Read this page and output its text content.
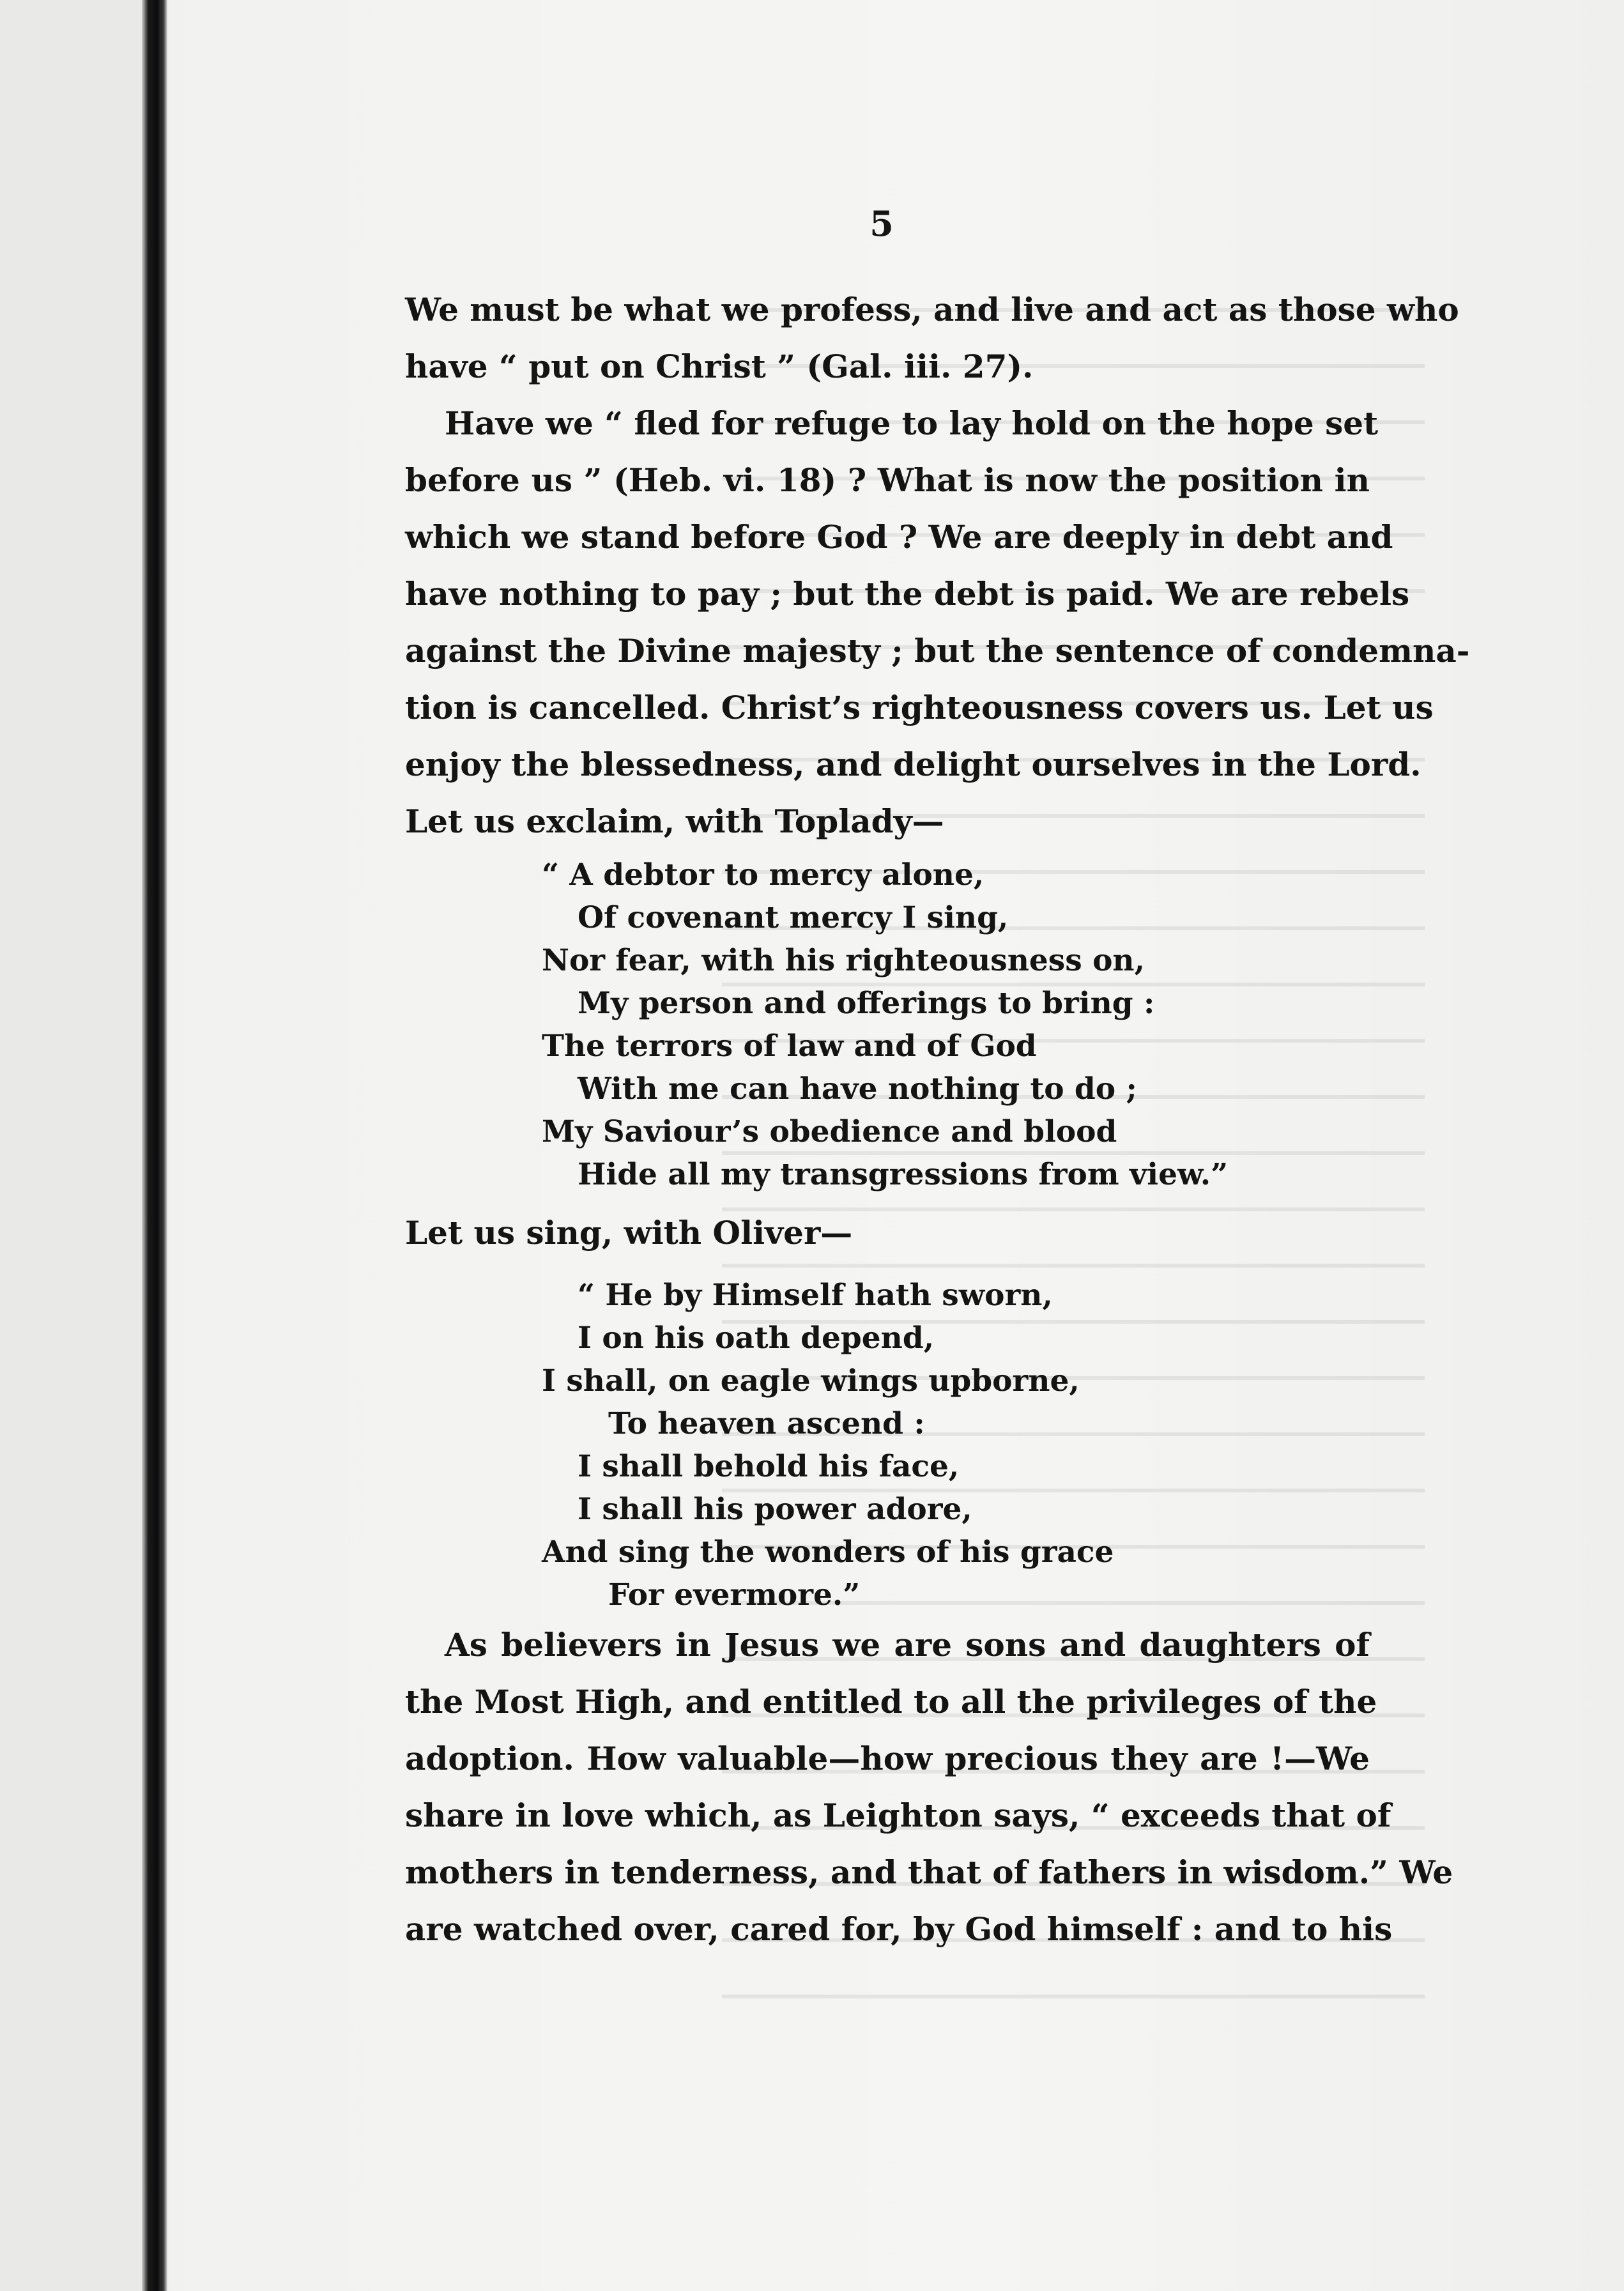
5
We must be what we profess, and live and act as those who
have “ put on Christ ” (Gal. iii. 27).
Have we “ fled for refuge to lay hold on the hope set
before us ” (Heb. vi. 18) ? What is now the position in
which we stand before God ? We are deeply in debt and
have nothing to pay ; but the debt is paid. We are rebels
against the Divine majesty ; but the sentence of condemna-
tion is cancelled. Christ’s righteousness covers us. Let us
enjoy the blessedness, and delight ourselves in the Lord.
Let us exclaim, with Toplady—
“ A debtor to mercy alone,
Of covenant mercy I sing,
Nor fear, with his righteousness on,
My person and offerings to bring :
The terrors of law and of God
With me can have nothing to do ;
My Saviour’s obedience and blood
Hide all my transgressions from view.”
Let us sing, with Oliver—
“ He by Himself hath sworn,
I on his oath depend,
I shall, on eagle wings upborne,
To heaven ascend :
I shall behold his face,
I shall his power adore,
And sing the wonders of his grace
For evermore.”
As believers in Jesus we are sons and daughters of
the Most High, and entitled to all the privileges of the
adoption. How valuable—how precious they are !—We
share in love which, as Leighton says, “ exceeds that of
mothers in tenderness, and that of fathers in wisdom.” We
are watched over, cared for, by God himself : and to his
